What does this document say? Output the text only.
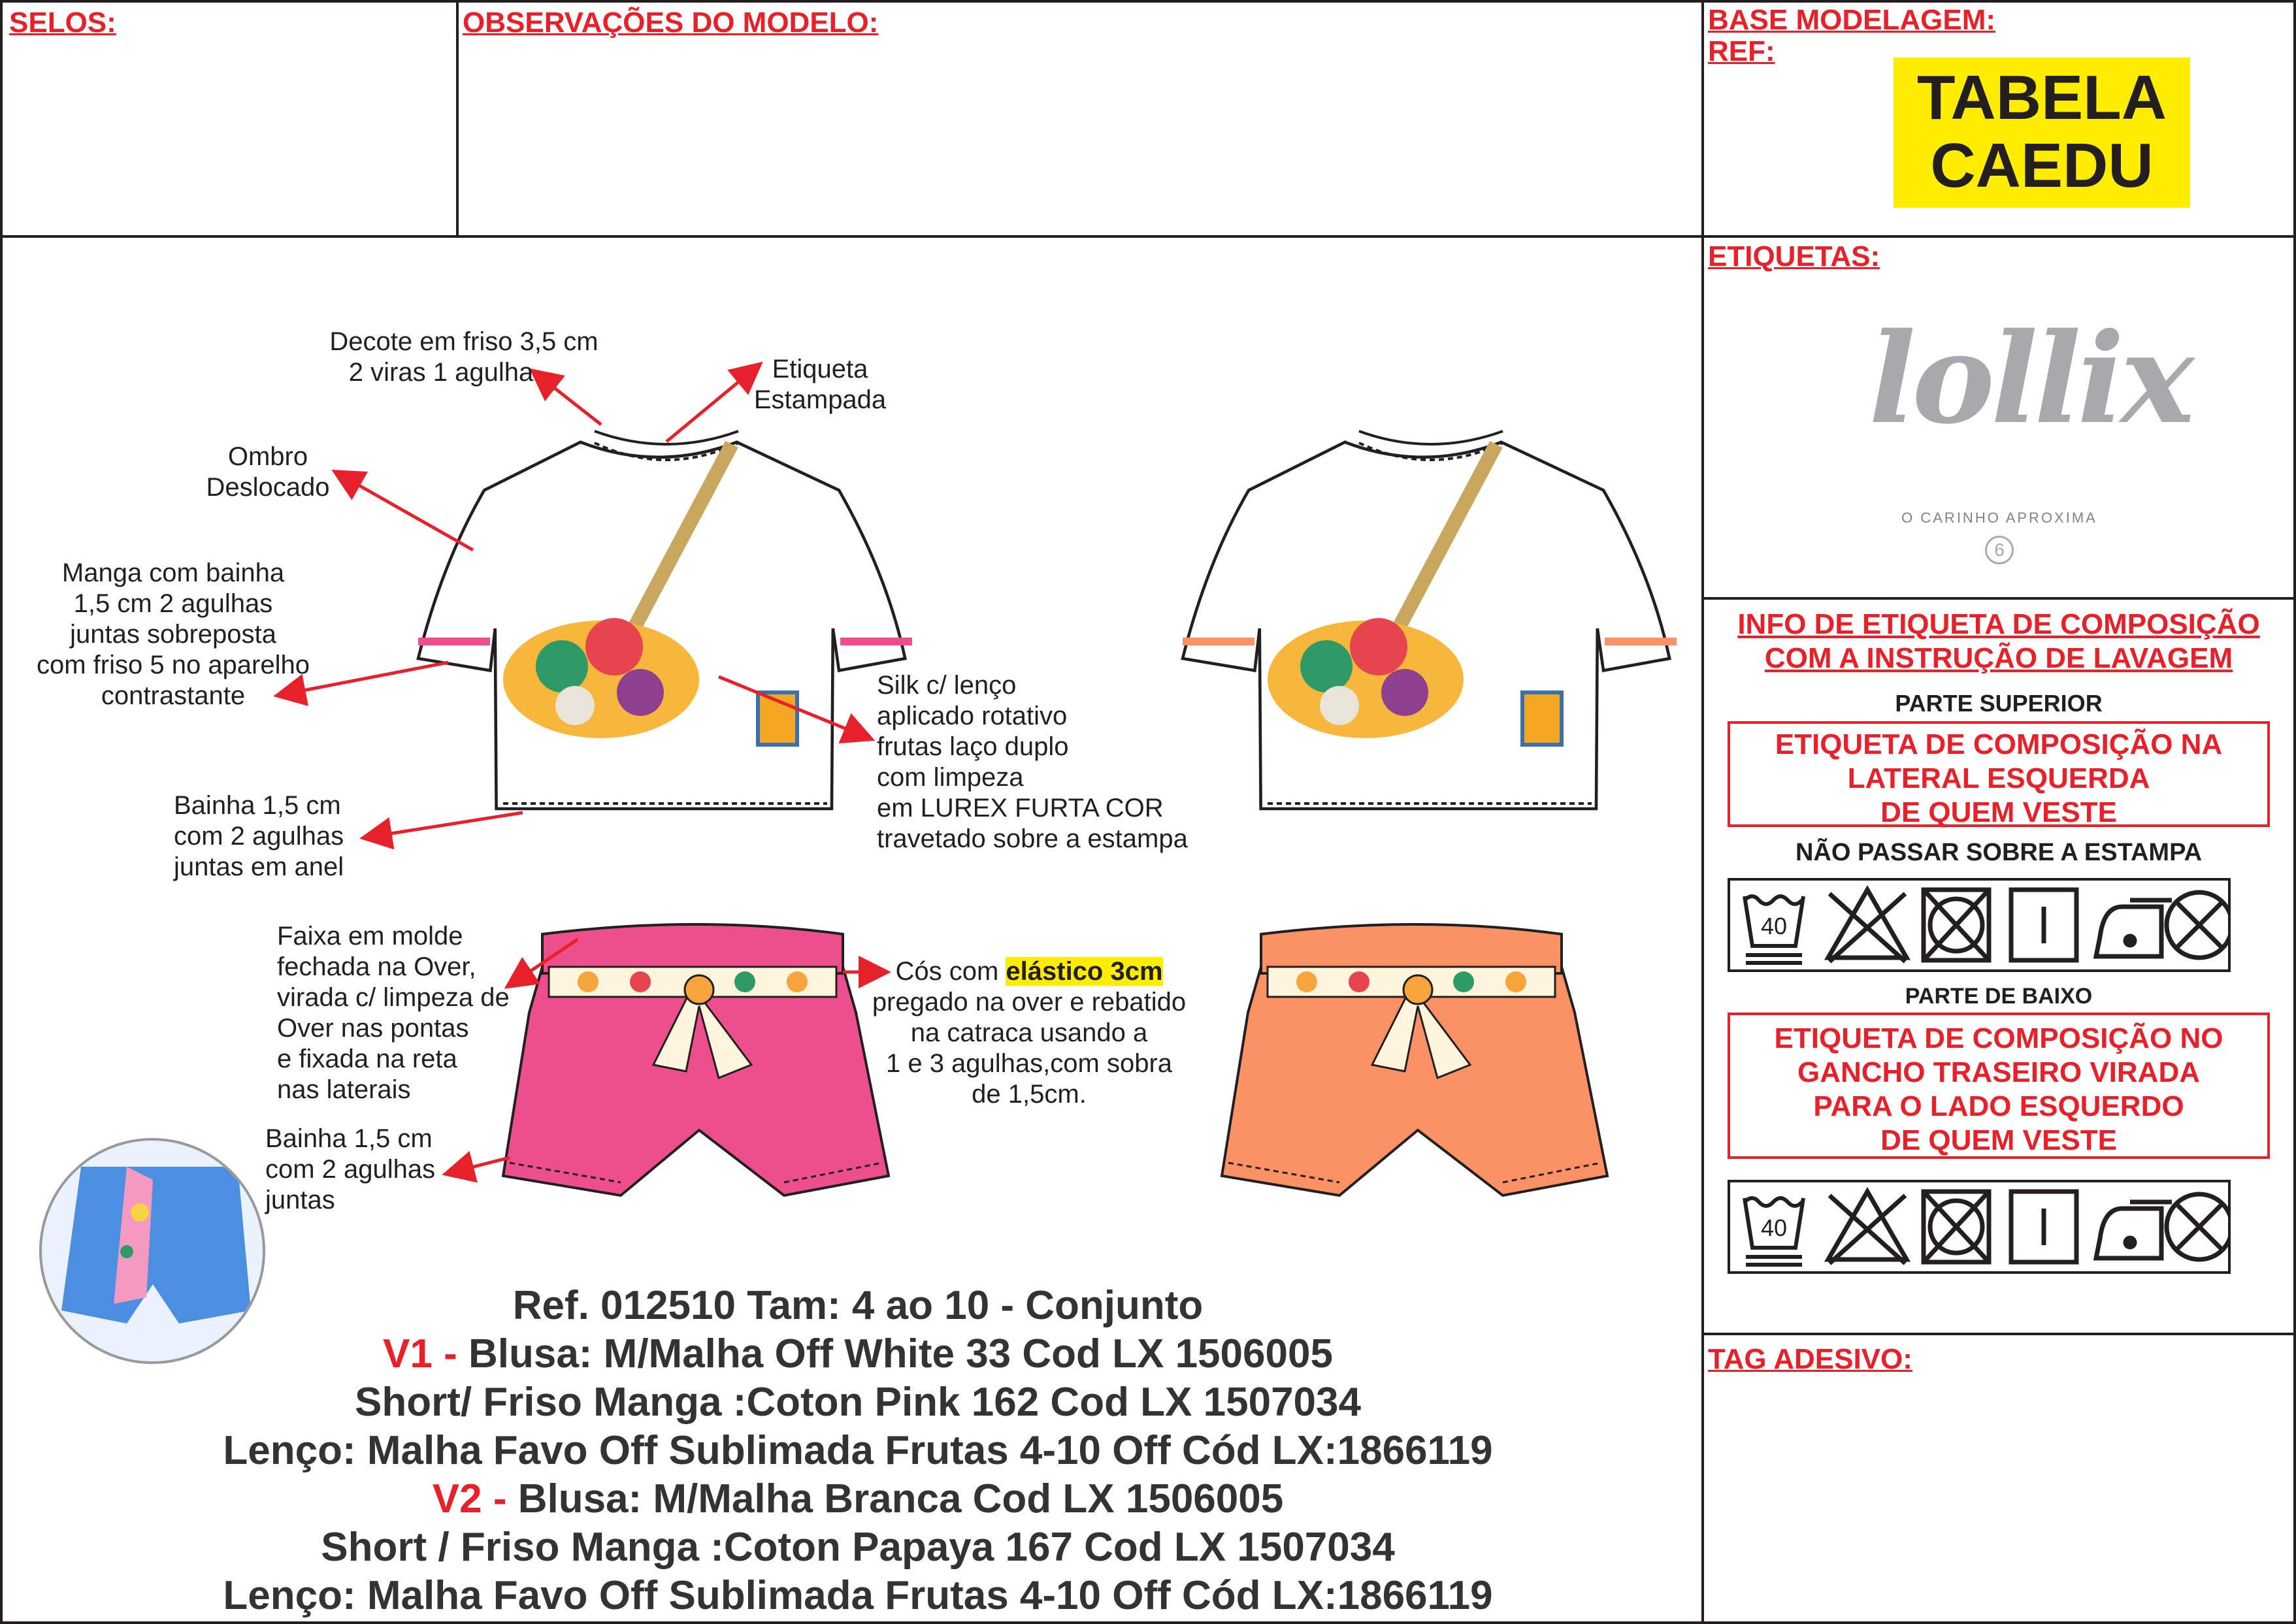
SELOS:	OBSERVAÇÕES DO MODELO:	BASE MODELAGEM:
REF:
TABELA
CAEDU
ETIQUETAS:
lollix
O CARINHO APROXIMA
6
INFO DE ETIQUETA DE COMPOSIÇÃO
COM A INSTRUÇÃO DE LAVAGEM
PARTE SUPERIOR
ETIQUETA DE COMPOSIÇÃO NA
LATERAL ESQUERDA
DE QUEM VESTE
NÃO PASSAR SOBRE A ESTAMPA
40
PARTE DE BAIXO
ETIQUETA DE COMPOSIÇÃO NO
GANCHO TRASEIRO VIRADA
PARA O LADO ESQUERDO
DE QUEM VESTE
40
TAG ADESIVO:
Decote em friso 3,5 cm
2 viras 1 agulha	Etiqueta
Estampada
Ombro
Deslocado
Manga com bainha
1,5 cm 2 agulhas
juntas sobreposta
com friso 5 no aparelho
contrastante	Silk c/ lenço
aplicado rotativo
frutas laço duplo
com limpeza
em LUREX FURTA COR
travetado sobre a estampa
Bainha 1,5 cm
com 2 agulhas
juntas em anel
Faixa em molde
fechada na Over,
virada c/ limpeza de
Over nas pontas
e fixada na reta
nas laterais
Cós com elástico 3cm
pregado na over e rebatido
na catraca usando a
1 e 3 agulhas,com sobra
de 1,5cm.
Bainha 1,5 cm
com 2 agulhas
juntas
Ref. 012510 Tam: 4 ao 10 - Conjunto
V1 - Blusa: M/Malha Off White 33 Cod LX 1506005
Short/ Friso Manga :Coton Pink 162 Cod LX 1507034
Lenço: Malha Favo Off Sublimada Frutas 4-10 Off Cód LX:1866119
V2 - Blusa: M/Malha Branca Cod LX 1506005
Short / Friso Manga :Coton Papaya 167 Cod LX 1507034
Lenço: Malha Favo Off Sublimada Frutas 4-10 Off Cód LX:1866119
